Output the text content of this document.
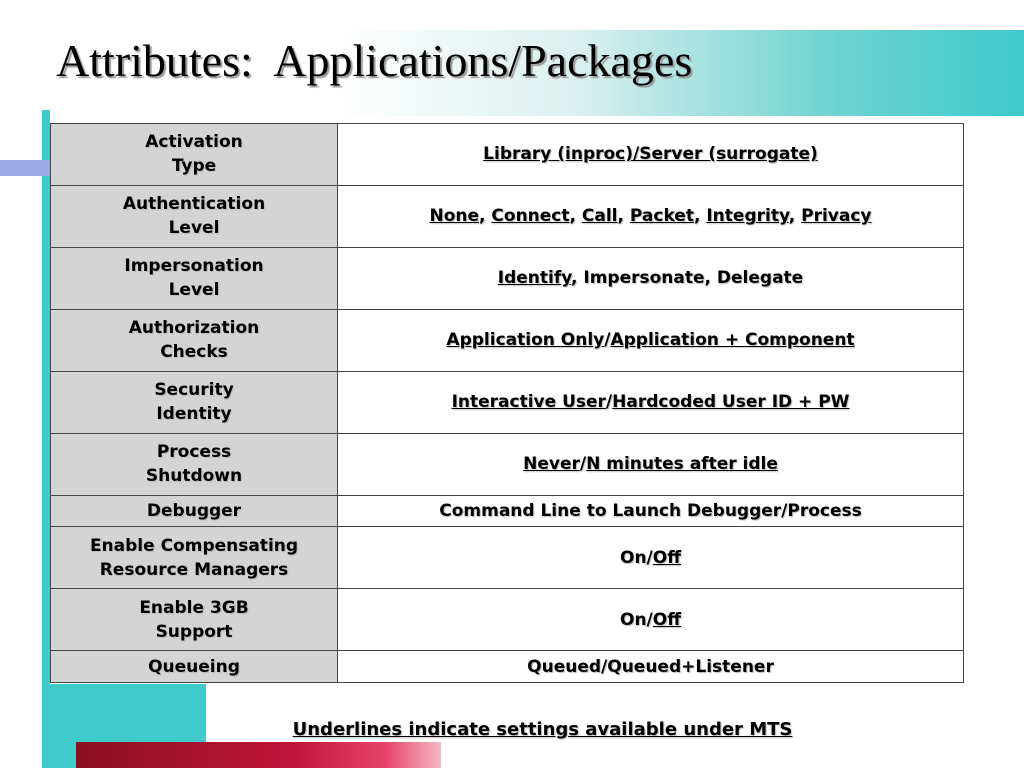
Attributes:  Applications/Packages
Activation
Type	Library (inproc)/Server (surrogate)
Authentication
Level	None, Connect, Call, Packet, Integrity, Privacy
Impersonation
Level	Identify, Impersonate, Delegate
Authorization
Checks	Application Only/Application + Component
Security
Identity	Interactive User/Hardcoded User ID + PW
Process
Shutdown	Never/N minutes after idle
Debugger	Command Line to Launch Debugger/Process
Enable Compensating
Resource Managers	On/Off
Enable 3GB
Support	On/Off
Queueing	Queued/Queued+Listener
Underlines indicate settings available under MTS
